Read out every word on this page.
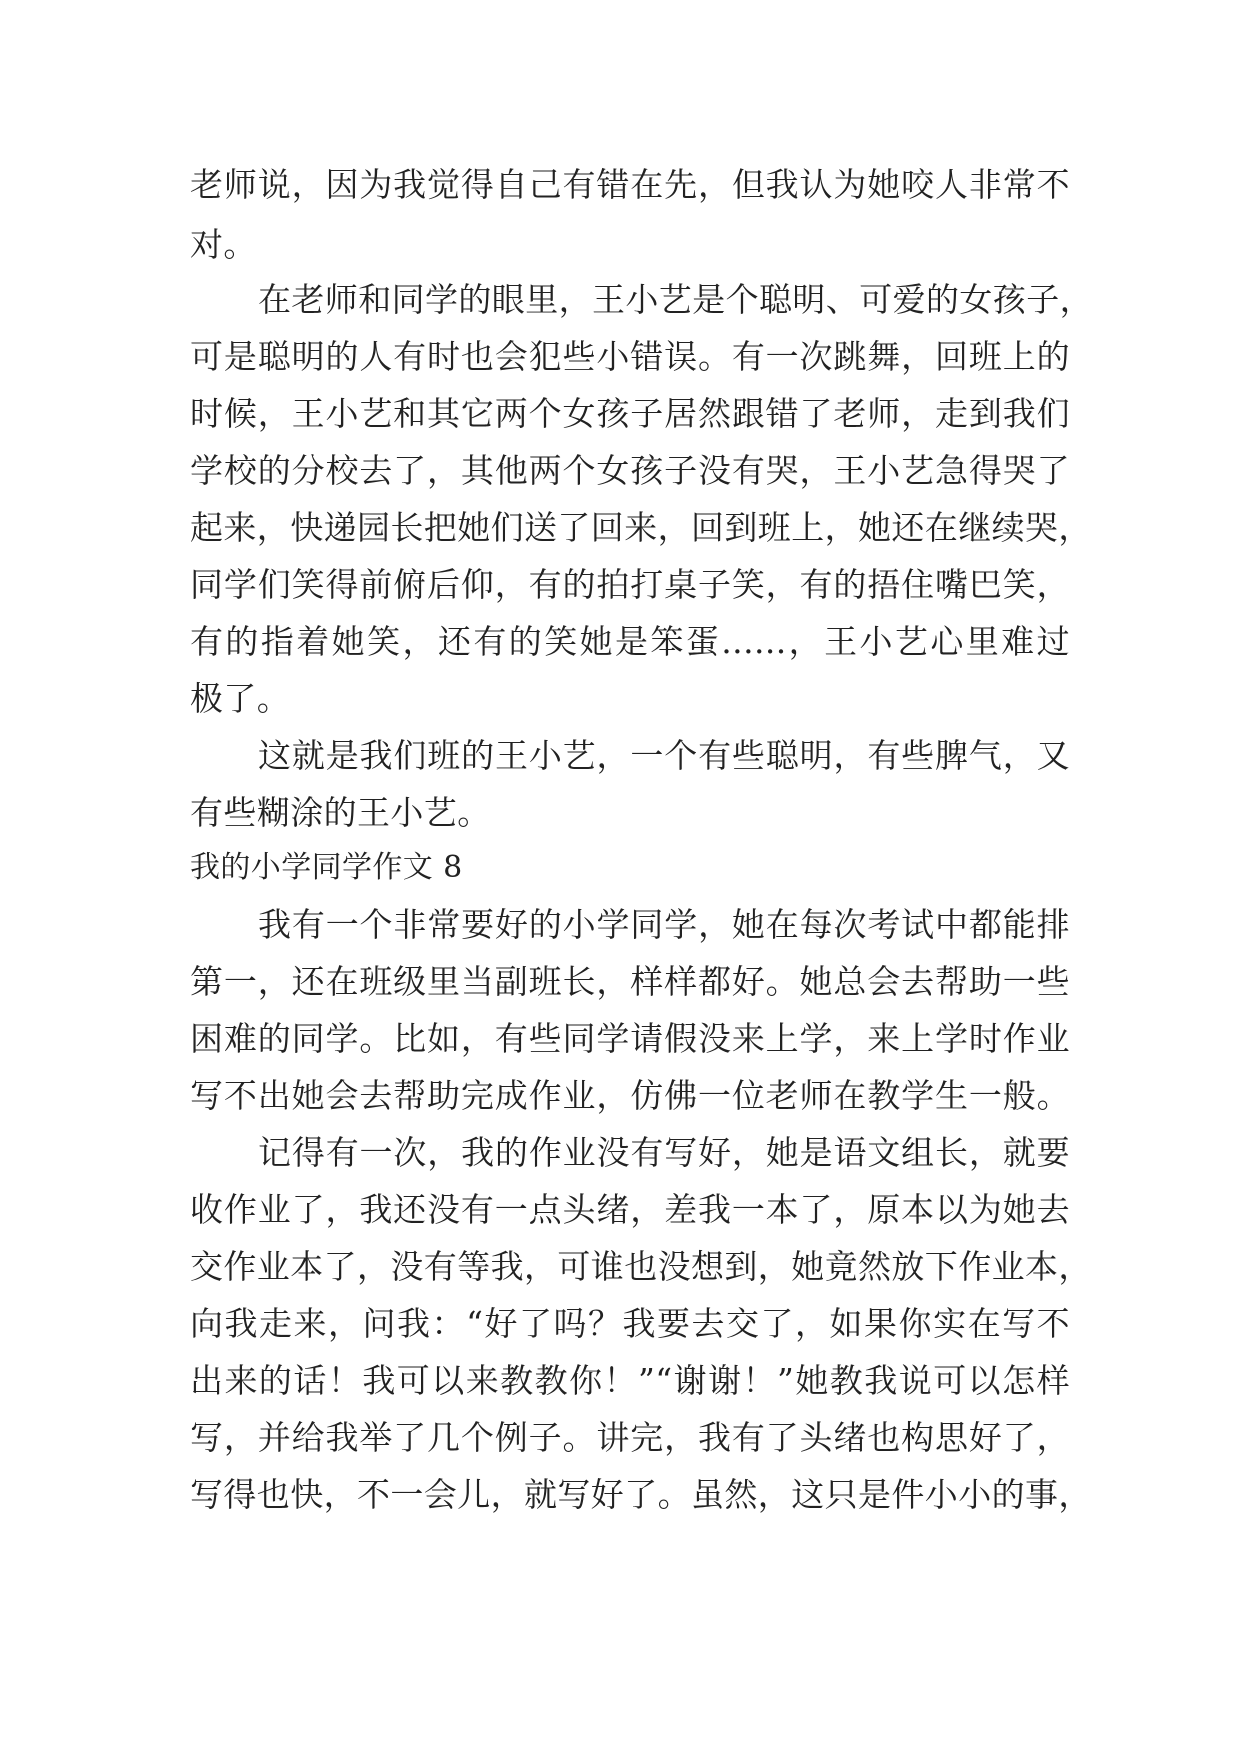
老师说，因为我觉得自己有错在先，但我认为她咬人非常不
对。
在老师和同学的眼里，王小艺是个聪明、可爱的女孩子，
可是聪明的人有时也会犯些小错误。有一次跳舞，回班上的
时候，王小艺和其它两个女孩子居然跟错了老师，走到我们
学校的分校去了，其他两个女孩子没有哭，王小艺急得哭了
起来，快递园长把她们送了回来，回到班上，她还在继续哭，
同学们笑得前俯后仰，有的拍打桌子笑，有的捂住嘴巴笑，
有的指着她笑，还有的笑她是笨蛋......，王小艺心里难过
极了。
这就是我们班的王小艺，一个有些聪明，有些脾气，又
有些糊涂的王小艺。
我的小学同学作文 8
我有一个非常要好的小学同学，她在每次考试中都能排
第一，还在班级里当副班长，样样都好。她总会去帮助一些
困难的同学。比如，有些同学请假没来上学，来上学时作业
写不出她会去帮助完成作业，仿佛一位老师在教学生一般。
记得有一次，我的作业没有写好，她是语文组长，就要
收作业了，我还没有一点头绪，差我一本了，原本以为她去
交作业本了，没有等我，可谁也没想到，她竟然放下作业本，
向我走来，问我：“好了吗？我要去交了，如果你实在写不
出来的话！我可以来教教你！”“谢谢！”她教我说可以怎样
写，并给我举了几个例子。讲完，我有了头绪也构思好了，
写得也快，不一会儿，就写好了。虽然，这只是件小小的事，
